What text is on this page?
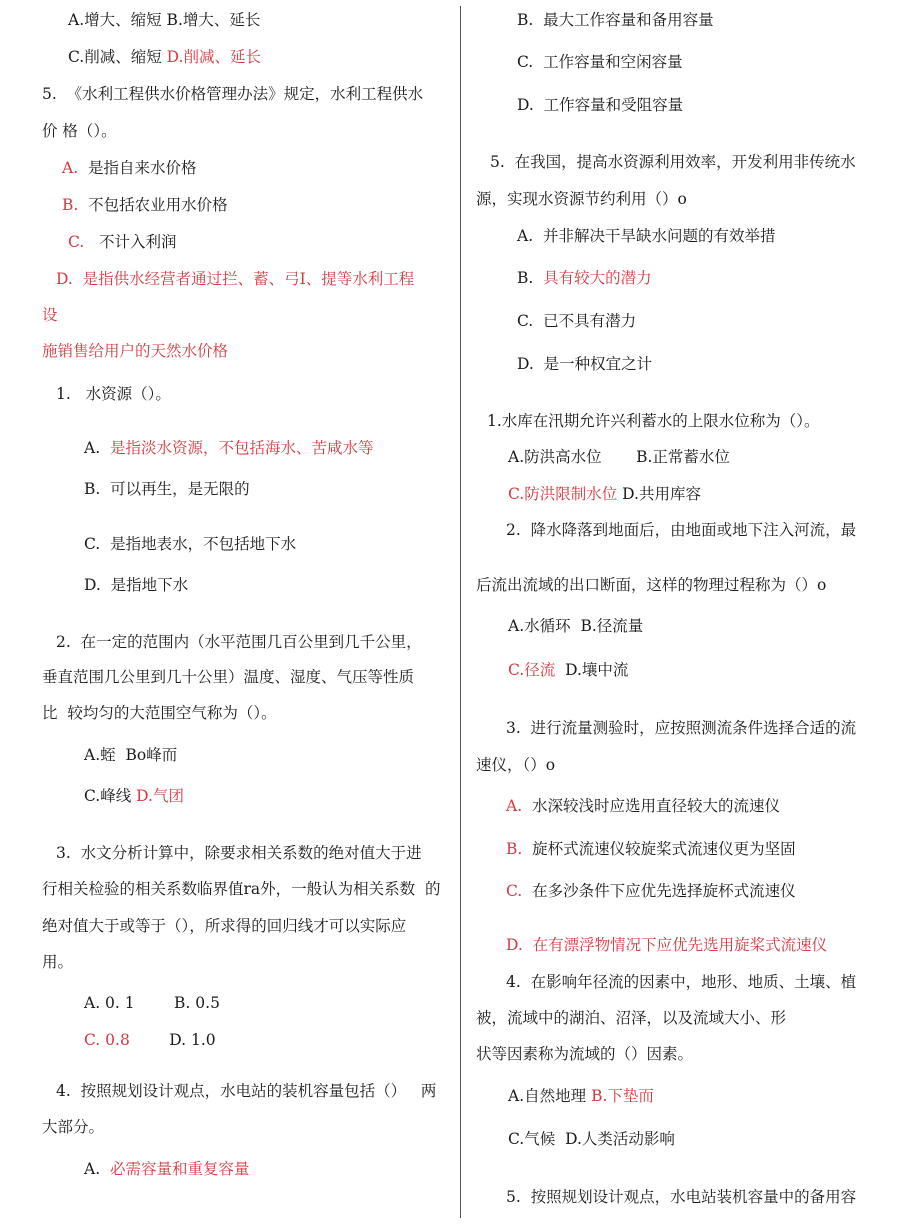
A.增大、缩短 B.增大、延长
C.削减、缩短 D.削减、延长
5.  《水利工程供水价格管理办法》规定，水利工程供水
价 格（）。
A.  是指自来水价格
B.  不包括农业用水价格
C.   不计入利润
D.  是指供水经营者通过拦、蓄、弓I、提等水利工程
设
施销售给用户的天然水价格
1.   水资源（）。
A.  是指淡水资源，不包括海水、苦咸水等
B.  可以再生，是无限的
C.  是指地表水，不包括地下水
D.  是指地下水
2.  在一定的范围内（水平范围几百公里到几千公里，
垂直范围几公里到几十公里）温度、湿度、气压等性质
比  较均匀的大范围空气称为（）。
A.蛭  Bo峰而
C.峰线 D.气团
3.  水文分析计算中，除要求相关系数的绝对值大于进
行相关检验的相关系数临界值ra外，一般认为相关系数  的
绝对值大于或等于（），所求得的回归线才可以实际应
用。
A. 0. 1        B. 0.5
C. 0.8        D. 1.0
4.  按照规划设计观点，水电站的装机容量包括（）   两
大部分。
A.  必需容量和重复容量
B.  最大工作容量和备用容量
C.  工作容量和空闲容量
D.  工作容量和受阻容量
5.  在我国，提高水资源利用效率，开发利用非传统水
源，实现水资源节约利用（）o
A.  并非解决干旱缺水问题的有效举措
B.  具有较大的潜力
C.  已不具有潜力
D.  是一种权宜之计
1.水库在汛期允许兴利蓄水的上限水位称为（）。
A.防洪高水位       B.正常蓄水位
C.防洪限制水位 D.共用库容
2.  降水降落到地面后，由地面或地下注入河流，最
后流出流域的出口断面，这样的物理过程称为（）o
A.水循环  B.径流量
C.径流  D.壤中流
3.  进行流量测验时，应按照测流条件选择合适的流
速仪，（）o
A.  水深较浅时应选用直径较大的流速仪
B.  旋杯式流速仪较旋桨式流速仪更为坚固
C.  在多沙条件下应优先选择旋杯式流速仪
D.  在有漂浮物情况下应优先选用旋桨式流速仪
4.  在影响年径流的因素中，地形、地质、土壤、植
被，流域中的湖泊、沼泽，以及流域大小、形
状等因素称为流域的（）因素。
A.自然地理 B.下垫而
C.气候  D.人类活动影响
5.  按照规划设计观点，水电站装机容量中的备用容
